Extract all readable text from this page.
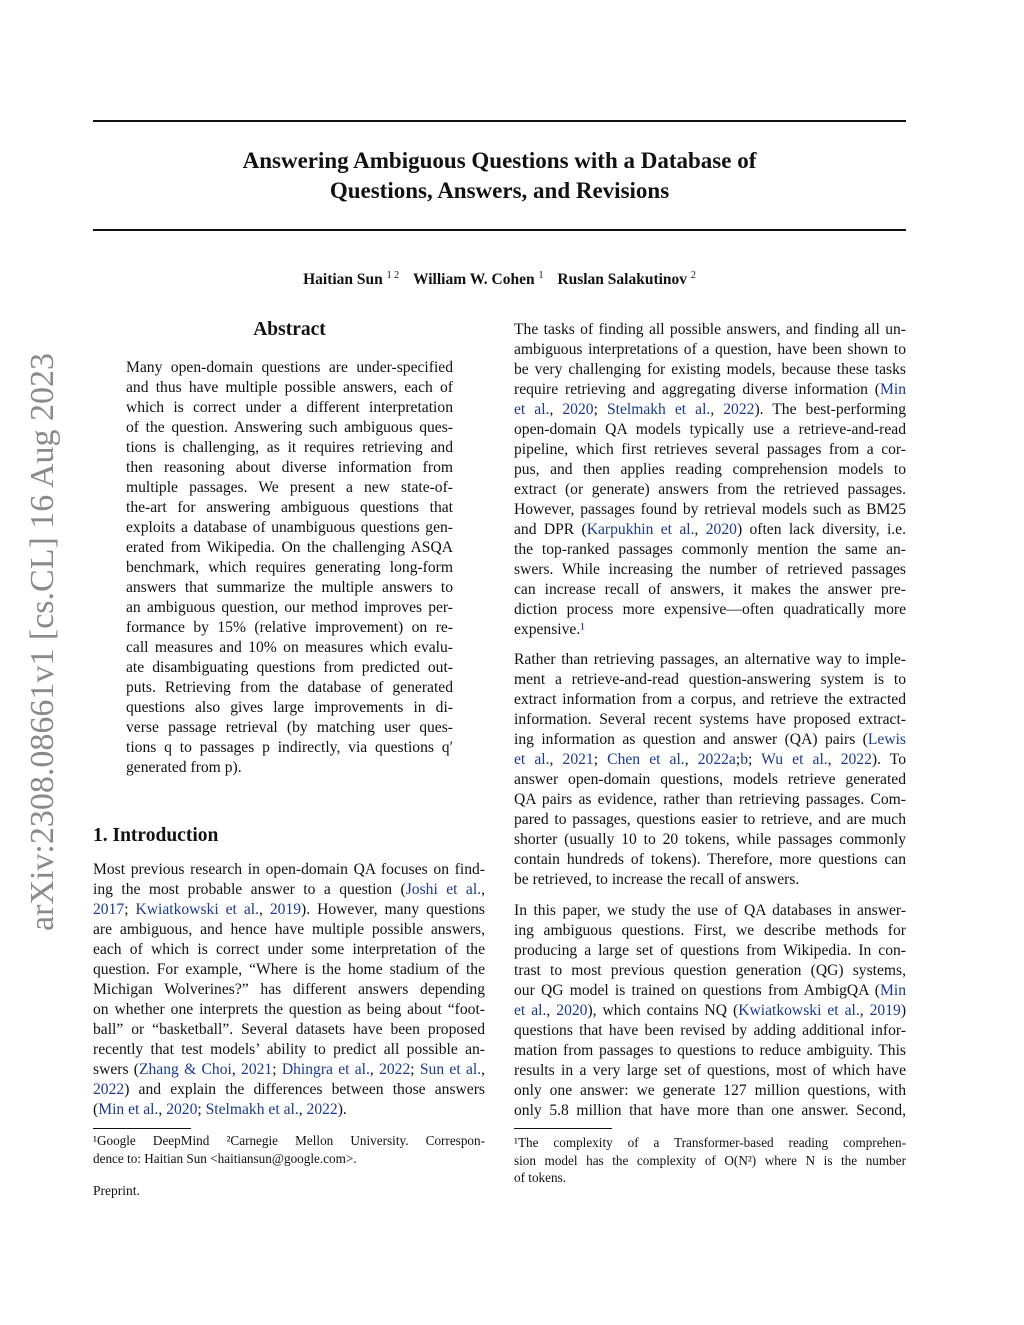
arXiv:2308.08661v1 [cs.CL] 16 Aug 2023
Answering Ambiguous Questions with a Database of
Questions, Answers, and Revisions
Haitian Sun $^{1 2}$ William W. Cohen $^1$ Ruslan Salakutinov $^2$
Abstract
Many open-domain questions are under-specified
and thus have multiple possible answers, each of
which is correct under a different interpretation
of the question. Answering such ambiguous ques-
tions is challenging, as it requires retrieving and
then reasoning about diverse information from
multiple passages. We present a new state-of-
the-art for answering ambiguous questions that
exploits a database of unambiguous questions gen-
erated from Wikipedia. On the challenging ASQA
benchmark, which requires generating long-form
answers that summarize the multiple answers to
an ambiguous question, our method improves per-
formance by 15% (relative improvement) on re-
call measures and 10% on measures which evalu-
ate disambiguating questions from predicted out-
puts. Retrieving from the database of generated
questions also gives large improvements in di-
verse passage retrieval (by matching user ques-
tions q to passages p indirectly, via questions q′
generated from p).
1. Introduction
Most previous research in open-domain QA focuses on find-
ing the most probable answer to a question (Joshi et al.,
2017; Kwiatkowski et al., 2019). However, many questions
are ambiguous, and hence have multiple possible answers,
each of which is correct under some interpretation of the
question. For example, “Where is the home stadium of the
Michigan Wolverines?” has different answers depending
on whether one interprets the question as being about “foot-
ball” or “basketball”. Several datasets have been proposed
recently that test models’ ability to predict all possible an-
swers (Zhang & Choi, 2021; Dhingra et al., 2022; Sun et al.,
2022) and explain the differences between those answers
(Min et al., 2020; Stelmakh et al., 2022).
¹Google DeepMind ²Carnegie Mellon University. Correspon-
dence to: Haitian Sun <haitiansun@google.com>.
Preprint.
The tasks of finding all possible answers, and finding all un-
ambiguous interpretations of a question, have been shown to
be very challenging for existing models, because these tasks
require retrieving and aggregating diverse information (Min
et al., 2020; Stelmakh et al., 2022). The best-performing
open-domain QA models typically use a retrieve-and-read
pipeline, which first retrieves several passages from a cor-
pus, and then applies reading comprehension models to
extract (or generate) answers from the retrieved passages.
However, passages found by retrieval models such as BM25
and DPR (Karpukhin et al., 2020) often lack diversity, i.e.
the top-ranked passages commonly mention the same an-
swers. While increasing the number of retrieved passages
can increase recall of answers, it makes the answer pre-
diction process more expensive—often quadratically more
expensive.¹
Rather than retrieving passages, an alternative way to imple-
ment a retrieve-and-read question-answering system is to
extract information from a corpus, and retrieve the extracted
information. Several recent systems have proposed extract-
ing information as question and answer (QA) pairs (Lewis
et al., 2021; Chen et al., 2022a;b; Wu et al., 2022). To
answer open-domain questions, models retrieve generated
QA pairs as evidence, rather than retrieving passages. Com-
pared to passages, questions easier to retrieve, and are much
shorter (usually 10 to 20 tokens, while passages commonly
contain hundreds of tokens). Therefore, more questions can
be retrieved, to increase the recall of answers.
In this paper, we study the use of QA databases in answer-
ing ambiguous questions. First, we describe methods for
producing a large set of questions from Wikipedia. In con-
trast to most previous question generation (QG) systems,
our QG model is trained on questions from AmbigQA (Min
et al., 2020), which contains NQ (Kwiatkowski et al., 2019)
questions that have been revised by adding additional infor-
mation from passages to questions to reduce ambiguity. This
results in a very large set of questions, most of which have
only one answer: we generate 127 million questions, with
only 5.8 million that have more than one answer. Second,
¹The complexity of a Transformer-based reading comprehen-
sion model has the complexity of O(N²) where N is the number
of tokens.
